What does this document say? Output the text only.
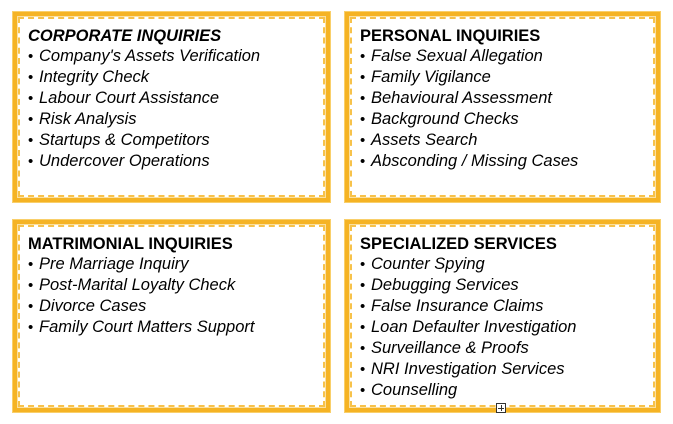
CORPORATE INQUIRIES
• Company's Assets Verification
• Integrity Check
• Labour Court Assistance
• Risk Analysis
• Startups & Competitors
• Undercover Operations
PERSONAL INQUIRIES
• False Sexual Allegation
• Family Vigilance
• Behavioural Assessment
• Background Checks
• Assets Search
• Absconding / Missing Cases
MATRIMONIAL INQUIRIES
• Pre Marriage Inquiry
• Post-Marital Loyalty Check
• Divorce Cases
• Family Court Matters Support
SPECIALIZED SERVICES
• Counter Spying
• Debugging Services
• False Insurance Claims
• Loan Defaulter Investigation
• Surveillance & Proofs
• NRI Investigation Services
• Counselling
